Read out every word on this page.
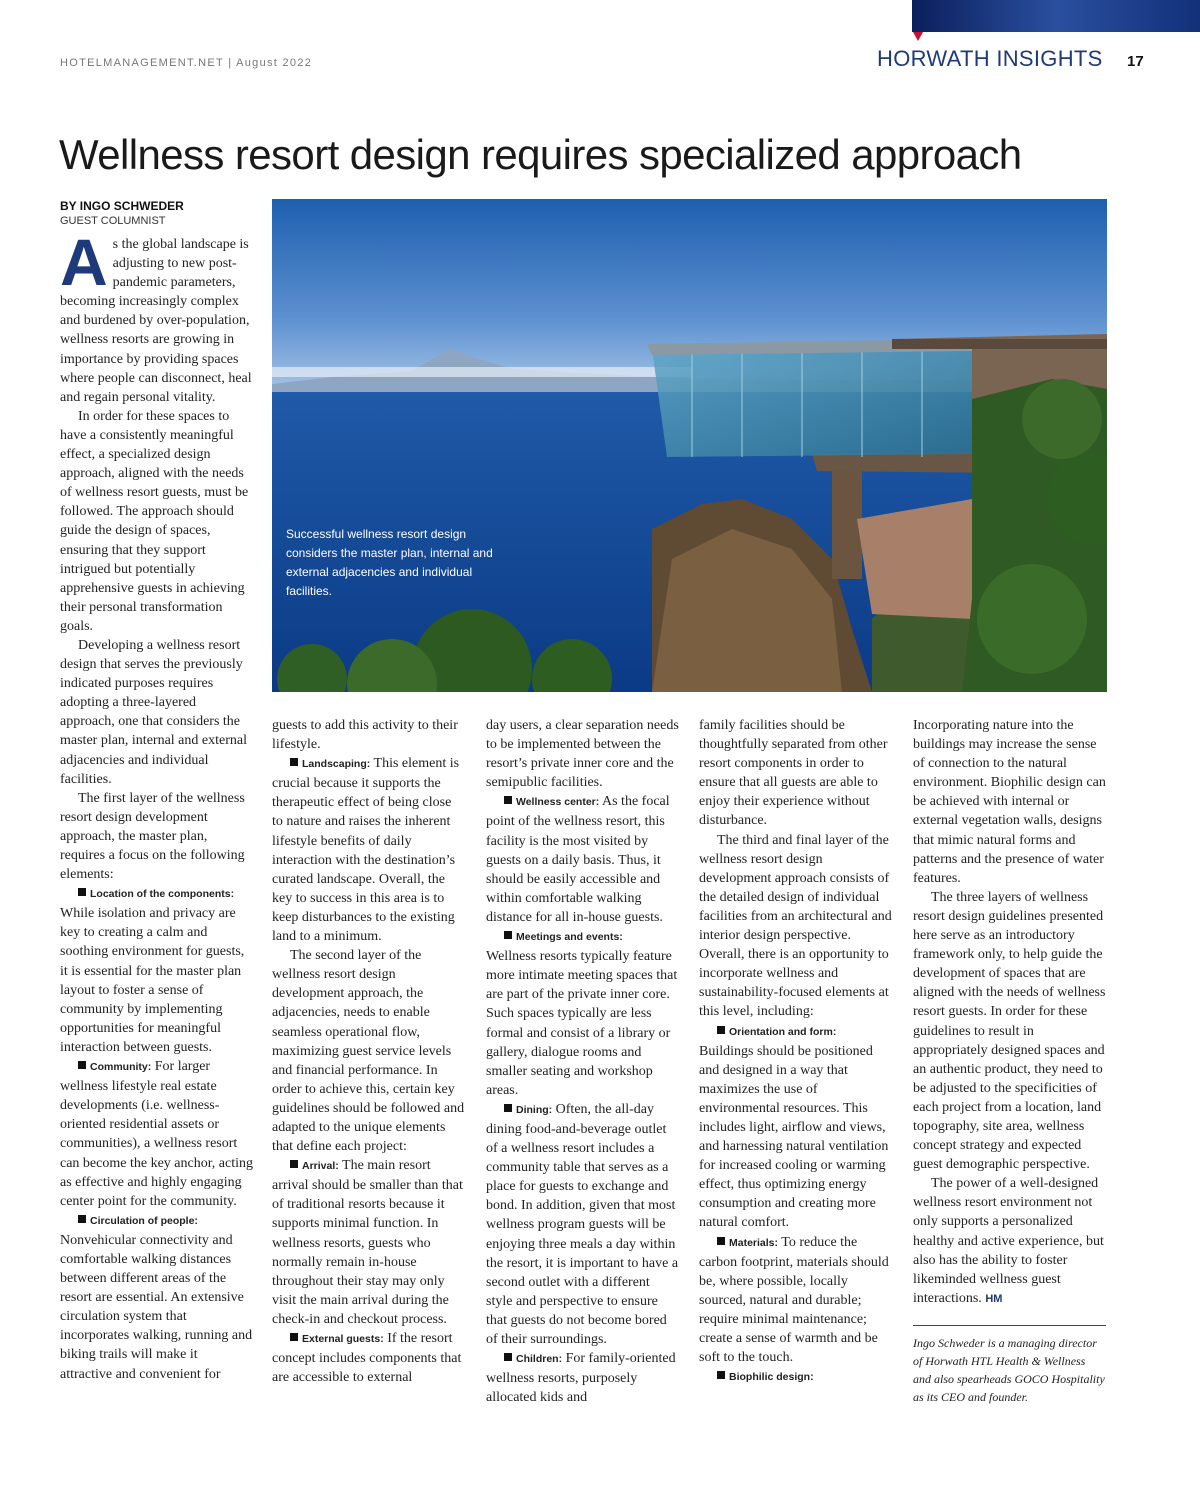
HOTELMANAGEMENT.NET | August 2022	HORWATH INSIGHTS 17
Wellness resort design requires specialized approach
BY INGO SCHWEDER
GUEST COLUMNIST

As the global landscape is adjusting to new post-pandemic parameters, becoming increasingly complex and burdened by over-population, wellness resorts are growing in importance by providing spaces where people can disconnect, heal and regain personal vitality.

In order for these spaces to have a consistently meaningful effect, a specialized design approach, aligned with the needs of wellness resort guests, must be followed. The approach should guide the design of spaces, ensuring that they support intrigued but potentially apprehensive guests in achieving their personal transformation goals.

Developing a wellness resort design that serves the previously indicated purposes requires adopting a three-layered approach, one that considers the master plan, internal and external adjacencies and individual facilities.

The first layer of the wellness resort design development approach, the master plan, requires a focus on the following elements:

Location of the components:
While isolation and privacy are key to creating a calm and soothing environment for guests, it is essential for the master plan layout to foster a sense of community by implementing opportunities for meaningful interaction between guests.

Community: For larger wellness lifestyle real estate developments (i.e. wellness-oriented residential assets or communities), a wellness resort can become the key anchor, acting as effective and highly engaging center point for the community.

Circulation of people:
Nonvehicular connectivity and comfortable walking distances between different areas of the resort are essential. An extensive circulation system that incorporates walking, running and biking trails will make it attractive and convenient for

Successful wellness resort design considers the master plan, internal and external adjacencies and individual facilities.

guests to add this activity to their lifestyle.

Landscaping: This element is crucial because it supports the therapeutic effect of being close to nature and raises the inherent lifestyle benefits of daily interaction with the destination’s curated landscape. Overall, the key to success in this area is to keep disturbances to the existing land to a minimum.

The second layer of the wellness resort design development approach, the adjacencies, needs to enable seamless operational flow, maximizing guest service levels and financial performance. In order to achieve this, certain key guidelines should be followed and adapted to the unique elements that define each project:

Arrival: The main resort arrival should be smaller than that of traditional resorts because it supports minimal function. In wellness resorts, guests who normally remain in-house throughout their stay may only visit the main arrival during the check-in and checkout process.

External guests: If the resort concept includes components that are accessible to external

day users, a clear separation needs to be implemented between the resort’s private inner core and the semipublic facilities.

Wellness center: As the focal point of the wellness resort, this facility is the most visited by guests on a daily basis. Thus, it should be easily accessible and within comfortable walking distance for all in-house guests.

Meetings and events:
Wellness resorts typically feature more intimate meeting spaces that are part of the private inner core. Such spaces typically are less formal and consist of a library or gallery, dialogue rooms and smaller seating and workshop areas.

Dining: Often, the all-day dining food-and-beverage outlet of a wellness resort includes a community table that serves as a place for guests to exchange and bond. In addition, given that most wellness program guests will be enjoying three meals a day within the resort, it is important to have a second outlet with a different style and perspective to ensure that guests do not become bored of their surroundings.

Children: For family-oriented wellness resorts, purposely allocated kids and

family facilities should be thoughtfully separated from other resort components in order to ensure that all guests are able to enjoy their experience without disturbance.

The third and final layer of the wellness resort design development approach consists of the detailed design of individual facilities from an architectural and interior design perspective. Overall, there is an opportunity to incorporate wellness and sustainability-focused elements at this level, including:

Orientation and form:
Buildings should be positioned and designed in a way that maximizes the use of environmental resources. This includes light, airflow and views, and harnessing natural ventilation for increased cooling or warming effect, thus optimizing energy consumption and creating more natural comfort.

Materials: To reduce the carbon footprint, materials should be, where possible, locally sourced, natural and durable; require minimal maintenance; create a sense of warmth and be soft to the touch.

Biophilic design:

Incorporating nature into the buildings may increase the sense of connection to the natural environment. Biophilic design can be achieved with internal or external vegetation walls, designs that mimic natural forms and patterns and the presence of water features.

The three layers of wellness resort design guidelines presented here serve as an introductory framework only, to help guide the development of spaces that are aligned with the needs of wellness resort guests. In order for these guidelines to result in appropriately designed spaces and an authentic product, they need to be adjusted to the specificities of each project from a location, land topography, site area, wellness concept strategy and expected guest demographic perspective.

The power of a well-designed wellness resort environment not only supports a personalized healthy and active experience, but also has the ability to foster likeminded wellness guest interactions. HM

Ingo Schweder is a managing director of Horwath HTL Health & Wellness and also spearheads GOCO Hospitality as its CEO and founder.
